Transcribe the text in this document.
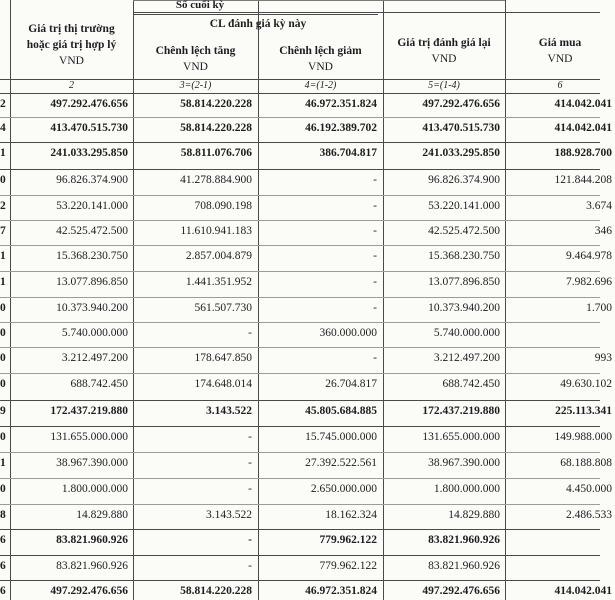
Số cuối kỳ
Giá trị thị trường
hoặc giá trị hợp lý
VND
CL đánh giá kỳ này
Chênh lệch tăng
VND
Chênh lệch giảm
VND
Giá trị đánh giá lại
VND
Giá mua
VND
2	3=(2-1)	4=(1-2)	5=(1-4)	6
2	497.292.476.656	58.814.220.228	46.972.351.824	497.292.476.656	414.042.041
4	413.470.515.730	58.814.220.228	46.192.389.702	413.470.515.730	414.042.041
1	241.033.295.850	58.811.076.706	386.704.817	241.033.295.850	188.928.700
0	96.826.374.900	41.278.884.900	-	96.826.374.900	121.844.208
2	53.220.141.000	708.090.198	-	53.220.141.000	3.674
7	42.525.472.500	11.610.941.183	-	42.525.472.500	346
1	15.368.230.750	2.857.004.879	-	15.368.230.750	9.464.978
1	13.077.896.850	1.441.351.952	-	13.077.896.850	7.982.696
0	10.373.940.200	561.507.730	-	10.373.940.200	1.700
0	5.740.000.000	-	360.000.000	5.740.000.000
0	3.212.497.200	178.647.850	-	3.212.497.200	993
0	688.742.450	174.648.014	26.704.817	688.742.450	49.630.102
9	172.437.219.880	3.143.522	45.805.684.885	172.437.219.880	225.113.341
0	131.655.000.000	-	15.745.000.000	131.655.000.000	149.988.000
1	38.967.390.000	-	27.392.522.561	38.967.390.000	68.188.808
0	1.800.000.000	-	2.650.000.000	1.800.000.000	4.450.000
8	14.829.880	3.143.522	18.162.324	14.829.880	2.486.533
6	83.821.960.926	-	779.962.122	83.821.960.926
6	83.821.960.926	-	779.962.122	83.821.960.926
6	497.292.476.656	58.814.220.228	46.972.351.824	497.292.476.656	414.042.041
